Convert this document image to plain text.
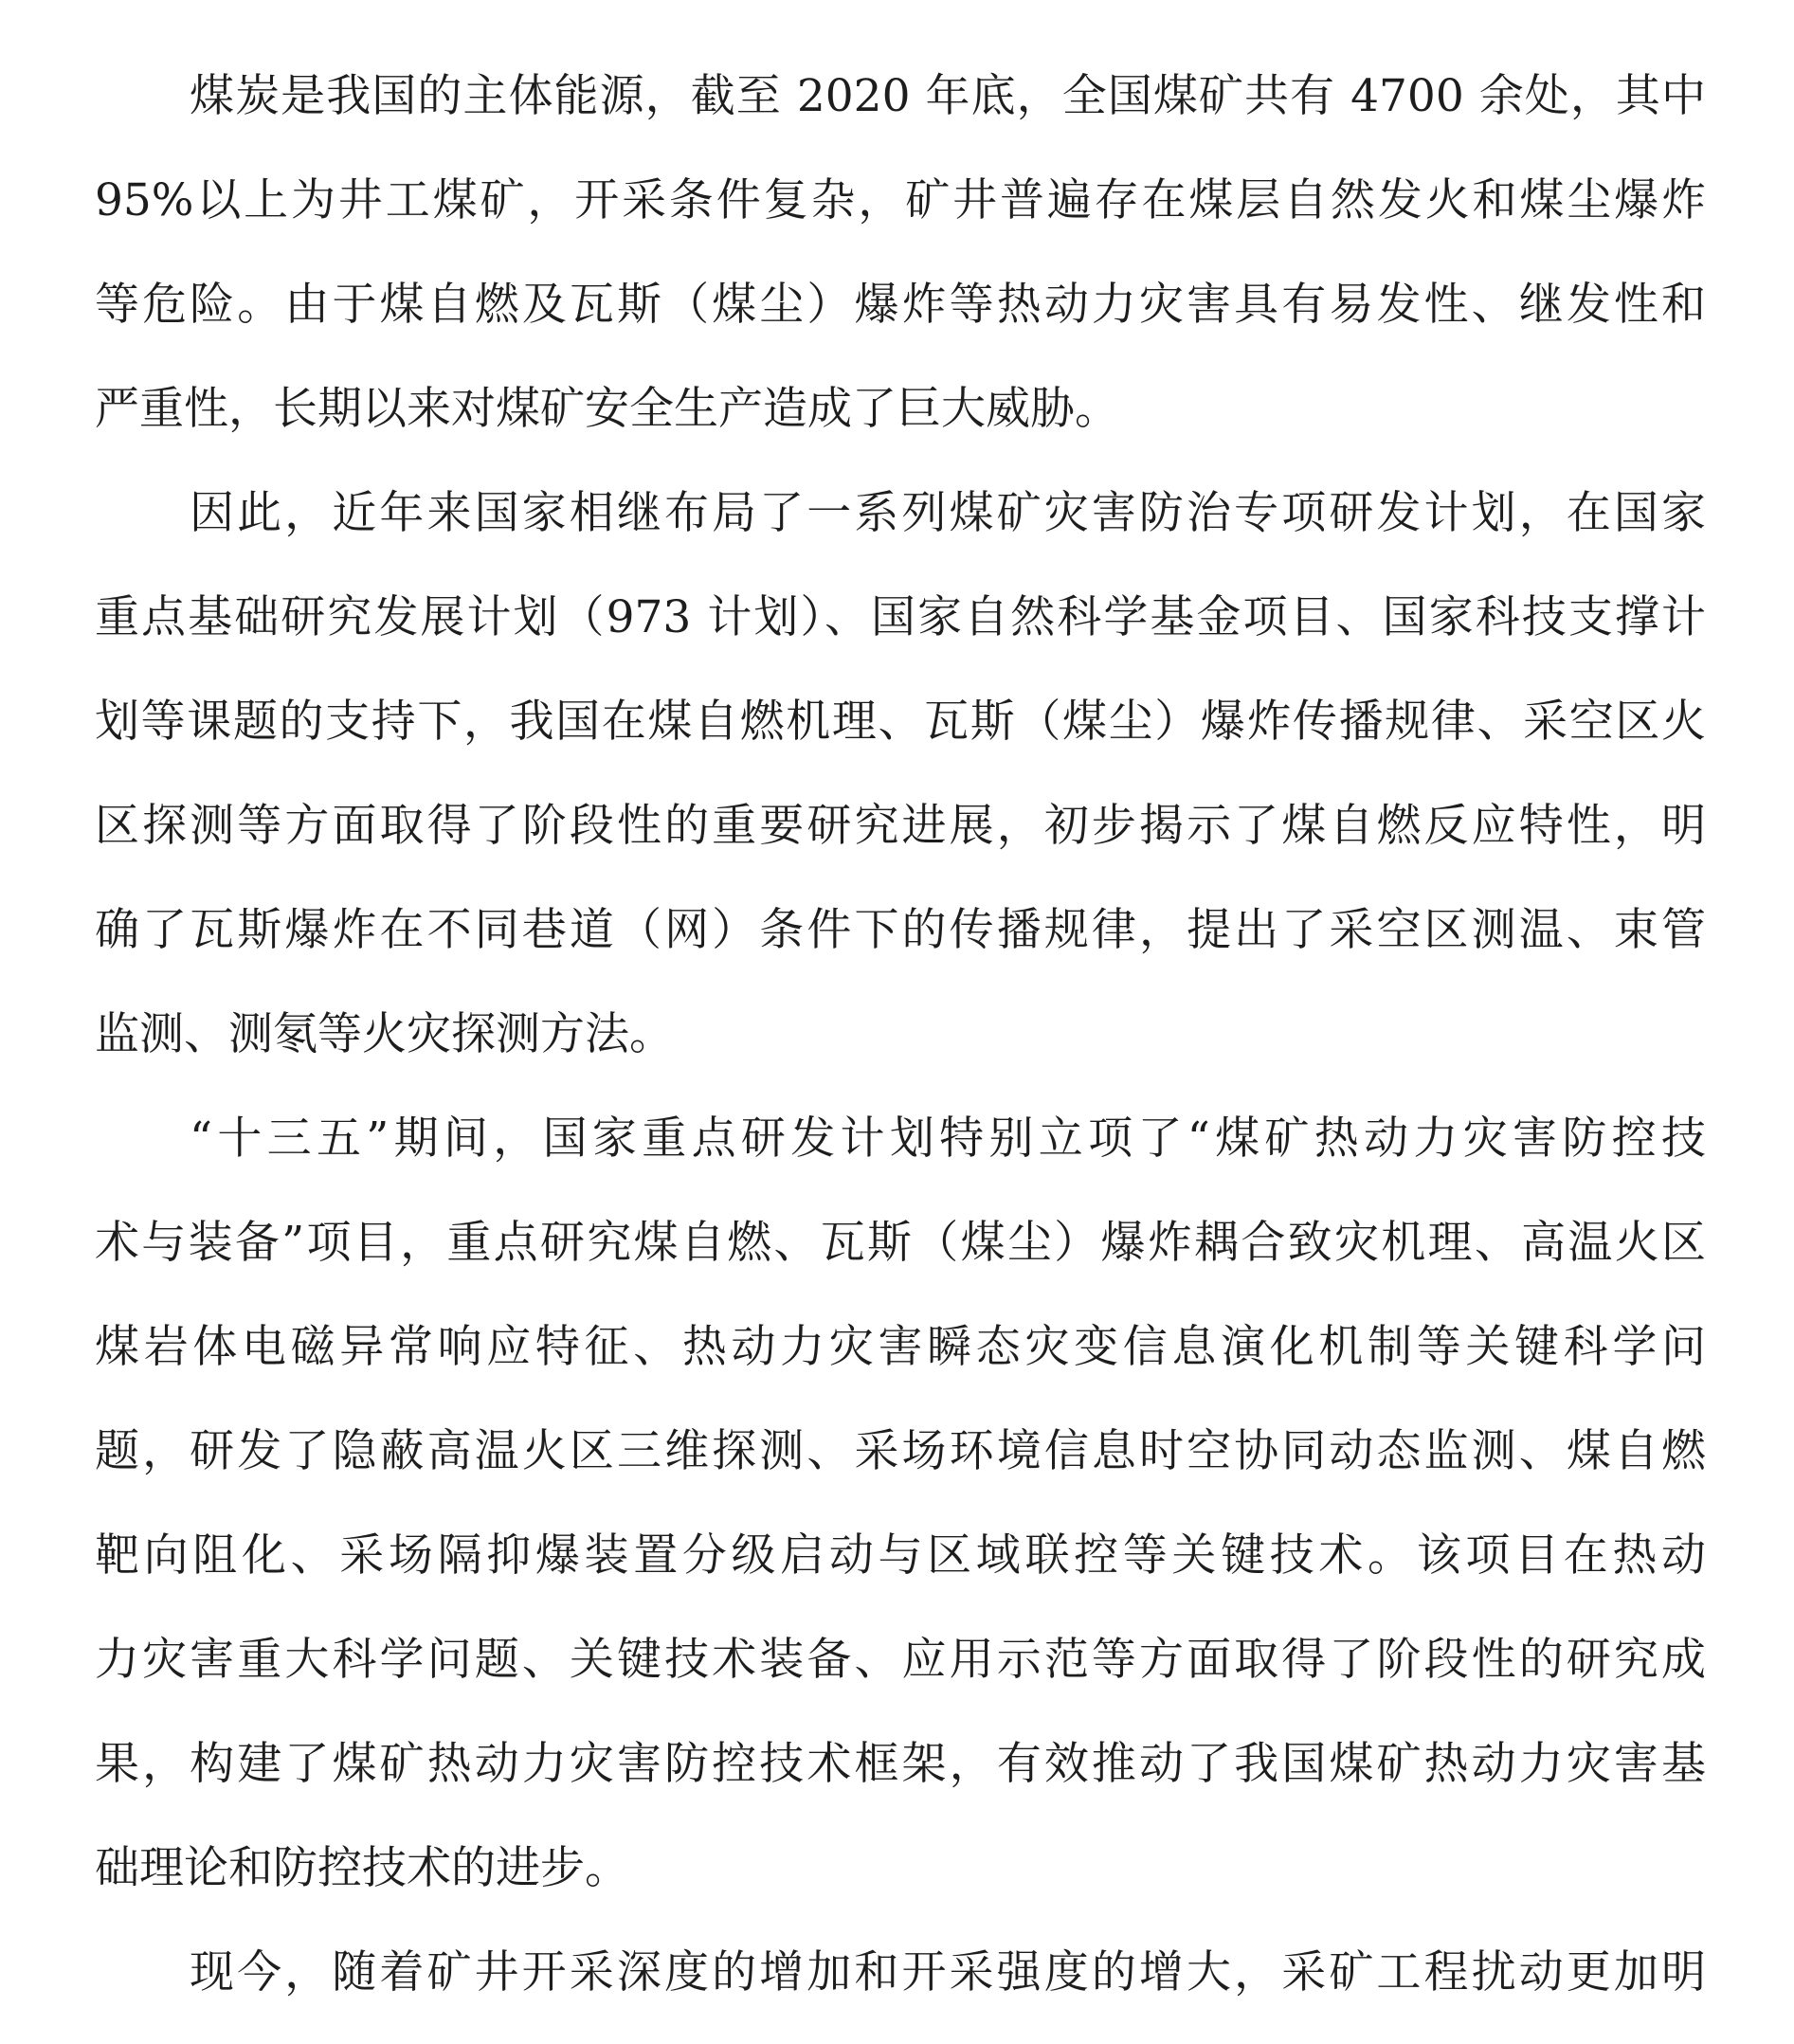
煤炭是我国的主体能源，截至 2020 年底，全国煤矿共有 4700 余处，其中
95%以上为井工煤矿，开采条件复杂，矿井普遍存在煤层自然发火和煤尘爆炸
等危险。由于煤自燃及瓦斯（煤尘）爆炸等热动力灾害具有易发性、继发性和
严重性，长期以来对煤矿安全生产造成了巨大威胁。
因此，近年来国家相继布局了一系列煤矿灾害防治专项研发计划，在国家
重点基础研究发展计划（973 计划）、国家自然科学基金项目、国家科技支撑计
划等课题的支持下，我国在煤自燃机理、瓦斯（煤尘）爆炸传播规律、采空区火
区探测等方面取得了阶段性的重要研究进展，初步揭示了煤自燃反应特性，明
确了瓦斯爆炸在不同巷道（网）条件下的传播规律，提出了采空区测温、束管
监测、测氡等火灾探测方法。
“十三五”期间，国家重点研发计划特别立项了“煤矿热动力灾害防控技
术与装备”项目，重点研究煤自燃、瓦斯（煤尘）爆炸耦合致灾机理、高温火区
煤岩体电磁异常响应特征、热动力灾害瞬态灾变信息演化机制等关键科学问
题，研发了隐蔽高温火区三维探测、采场环境信息时空协同动态监测、煤自燃
靶向阻化、采场隔抑爆装置分级启动与区域联控等关键技术。该项目在热动
力灾害重大科学问题、关键技术装备、应用示范等方面取得了阶段性的研究成
果，构建了煤矿热动力灾害防控技术框架，有效推动了我国煤矿热动力灾害基
础理论和防控技术的进步。
现今，随着矿井开采深度的增加和开采强度的增大，采矿工程扰动更加明
